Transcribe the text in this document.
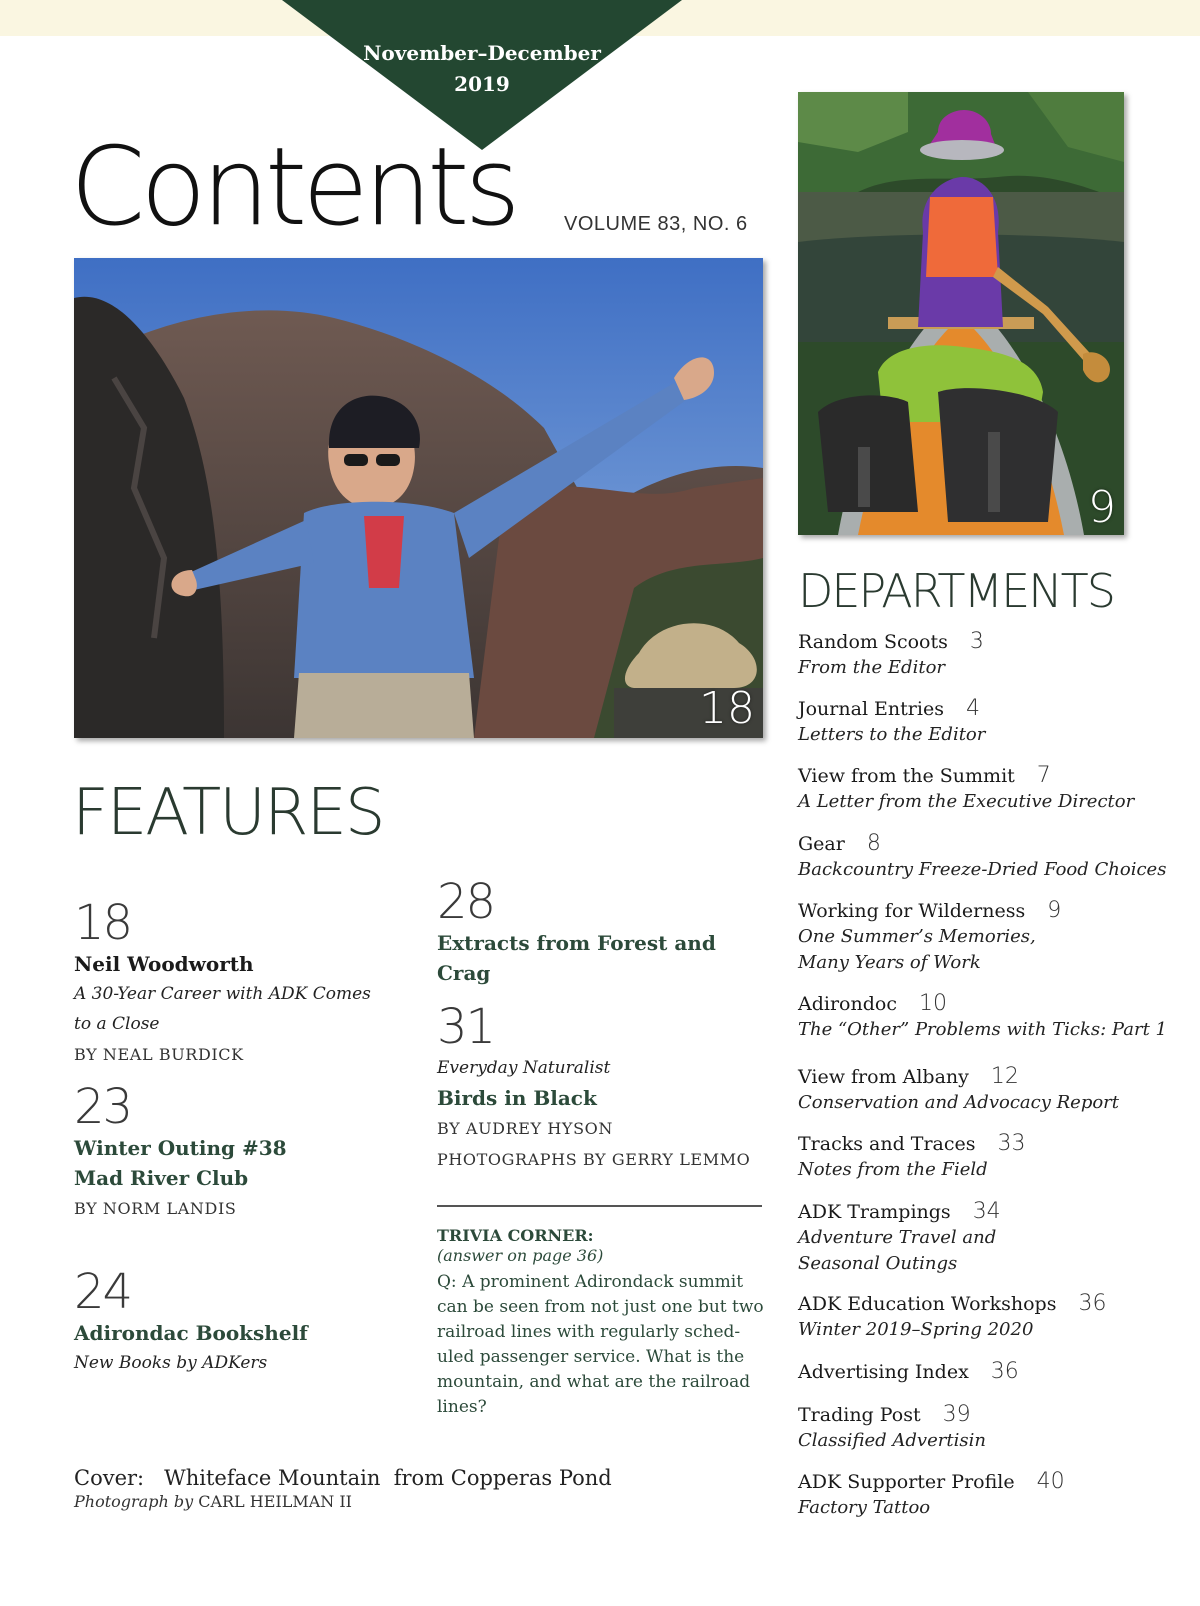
November–December
2019
Contents VOLUME 83, NO. 6
18
9
FEATURES
18
Neil Woodworth
A 30-Year Career with ADK Comes
to a Close
BY NEAL BURDICK
23
Winter Outing #38
Mad River Club
BY NORM LANDIS
24
Adirondac Bookshelf
New Books by ADKers
28
Extracts from Forest and Crag
31
Everyday Naturalist
Birds in Black
BY AUDREY HYSON
PHOTOGRAPHS BY GERRY LEMMO
TRIVIA CORNER:
(answer on page 36)
Q: A prominent Adirondack summit can be seen from not just one but two railroad lines with regularly sched-uled passenger service. What is the mountain, and what are the railroad lines?
Cover:   Whiteface Mountain  from Copperas Pond
Photograph by CARL HEILMAN II
DEPARTMENTS
Random Scoots 3
From the Editor
Journal Entries 4
Letters to the Editor
View from the Summit 7
A Letter from the Executive Director
Gear 8
Backcountry Freeze-Dried Food Choices
Working for Wilderness 9
One Summer’s Memories,
Many Years of Work
Adirondoc 10
The “Other” Problems with Ticks: Part 1
View from Albany 12
Conservation and Advocacy Report
Tracks and Traces 33
Notes from the Field
ADK Trampings 34
Adventure Travel and
Seasonal Outings
ADK Education Workshops 36
Winter 2019–Spring 2020
Advertising Index 36
Trading Post 39
Classified Advertisin
ADK Supporter Profile 40
Factory Tattoo
